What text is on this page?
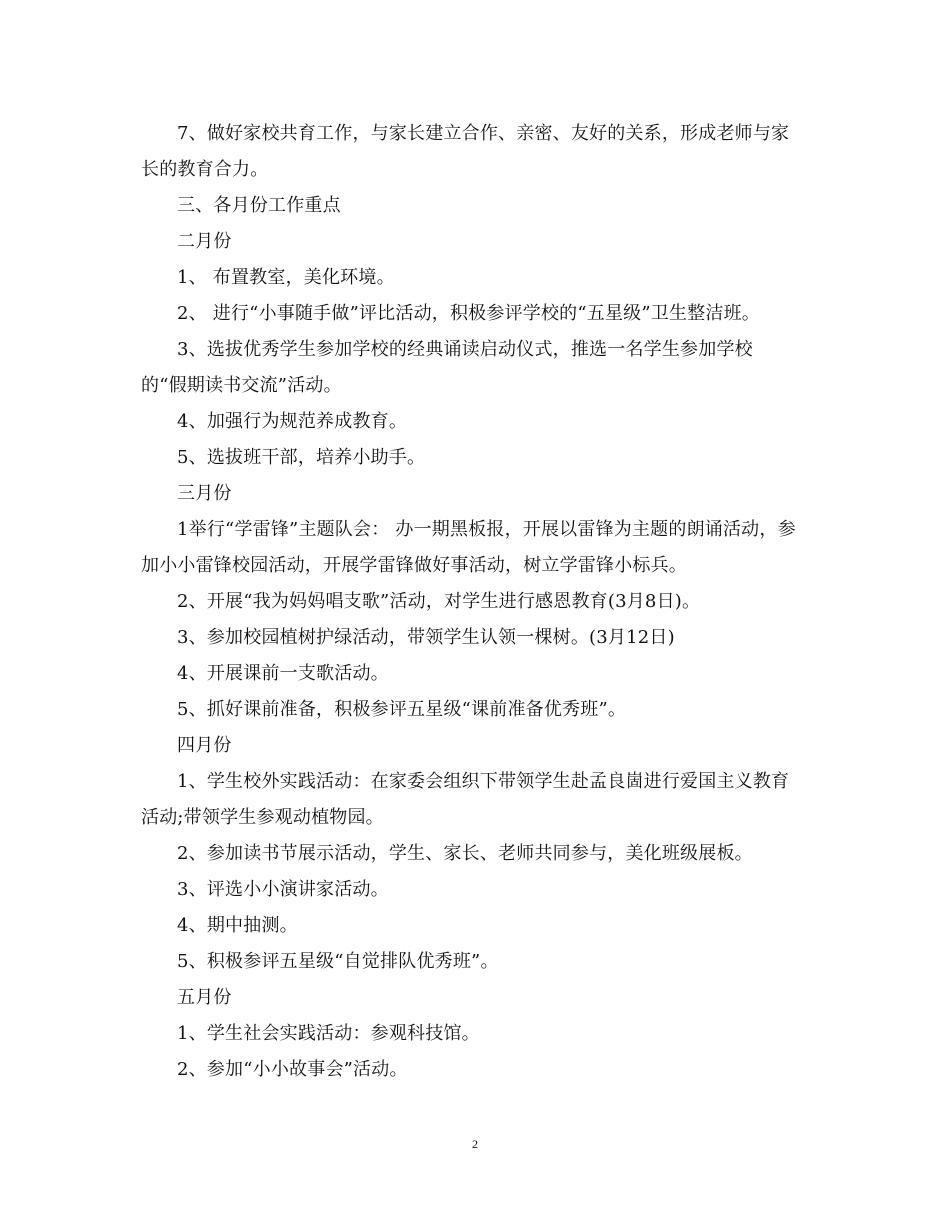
7、做好家校共育工作，与家长建立合作、亲密、友好的关系，形成老师与家
长的教育合力。
三、各月份工作重点
二月份
1、 布置教室，美化环境。
2、 进行“小事随手做”评比活动，积极参评学校的“五星级”卫生整洁班。
3、选拔优秀学生参加学校的经典诵读启动仪式，推选一名学生参加学校
的“假期读书交流”活动。
4、加强行为规范养成教育。
5、选拔班干部，培养小助手。
三月份
1举行“学雷锋”主题队会： 办一期黑板报，开展以雷锋为主题的朗诵活动，参
加小小雷锋校园活动，开展学雷锋做好事活动，树立学雷锋小标兵。
2、开展“我为妈妈唱支歌”活动，对学生进行感恩教育(3月8日)。
3、参加校园植树护绿活动，带领学生认领一棵树。(3月12日)
4、开展课前一支歌活动。
5、抓好课前准备，积极参评五星级“课前准备优秀班”。
四月份
1、学生校外实践活动：在家委会组织下带领学生赴孟良崮进行爱国主义教育
活动;带领学生参观动植物园。
2、参加读书节展示活动，学生、家长、老师共同参与，美化班级展板。
3、评选小小演讲家活动。
4、期中抽测。
5、积极参评五星级“自觉排队优秀班”。
五月份
1、学生社会实践活动：参观科技馆。
2、参加“小小故事会”活动。
2
